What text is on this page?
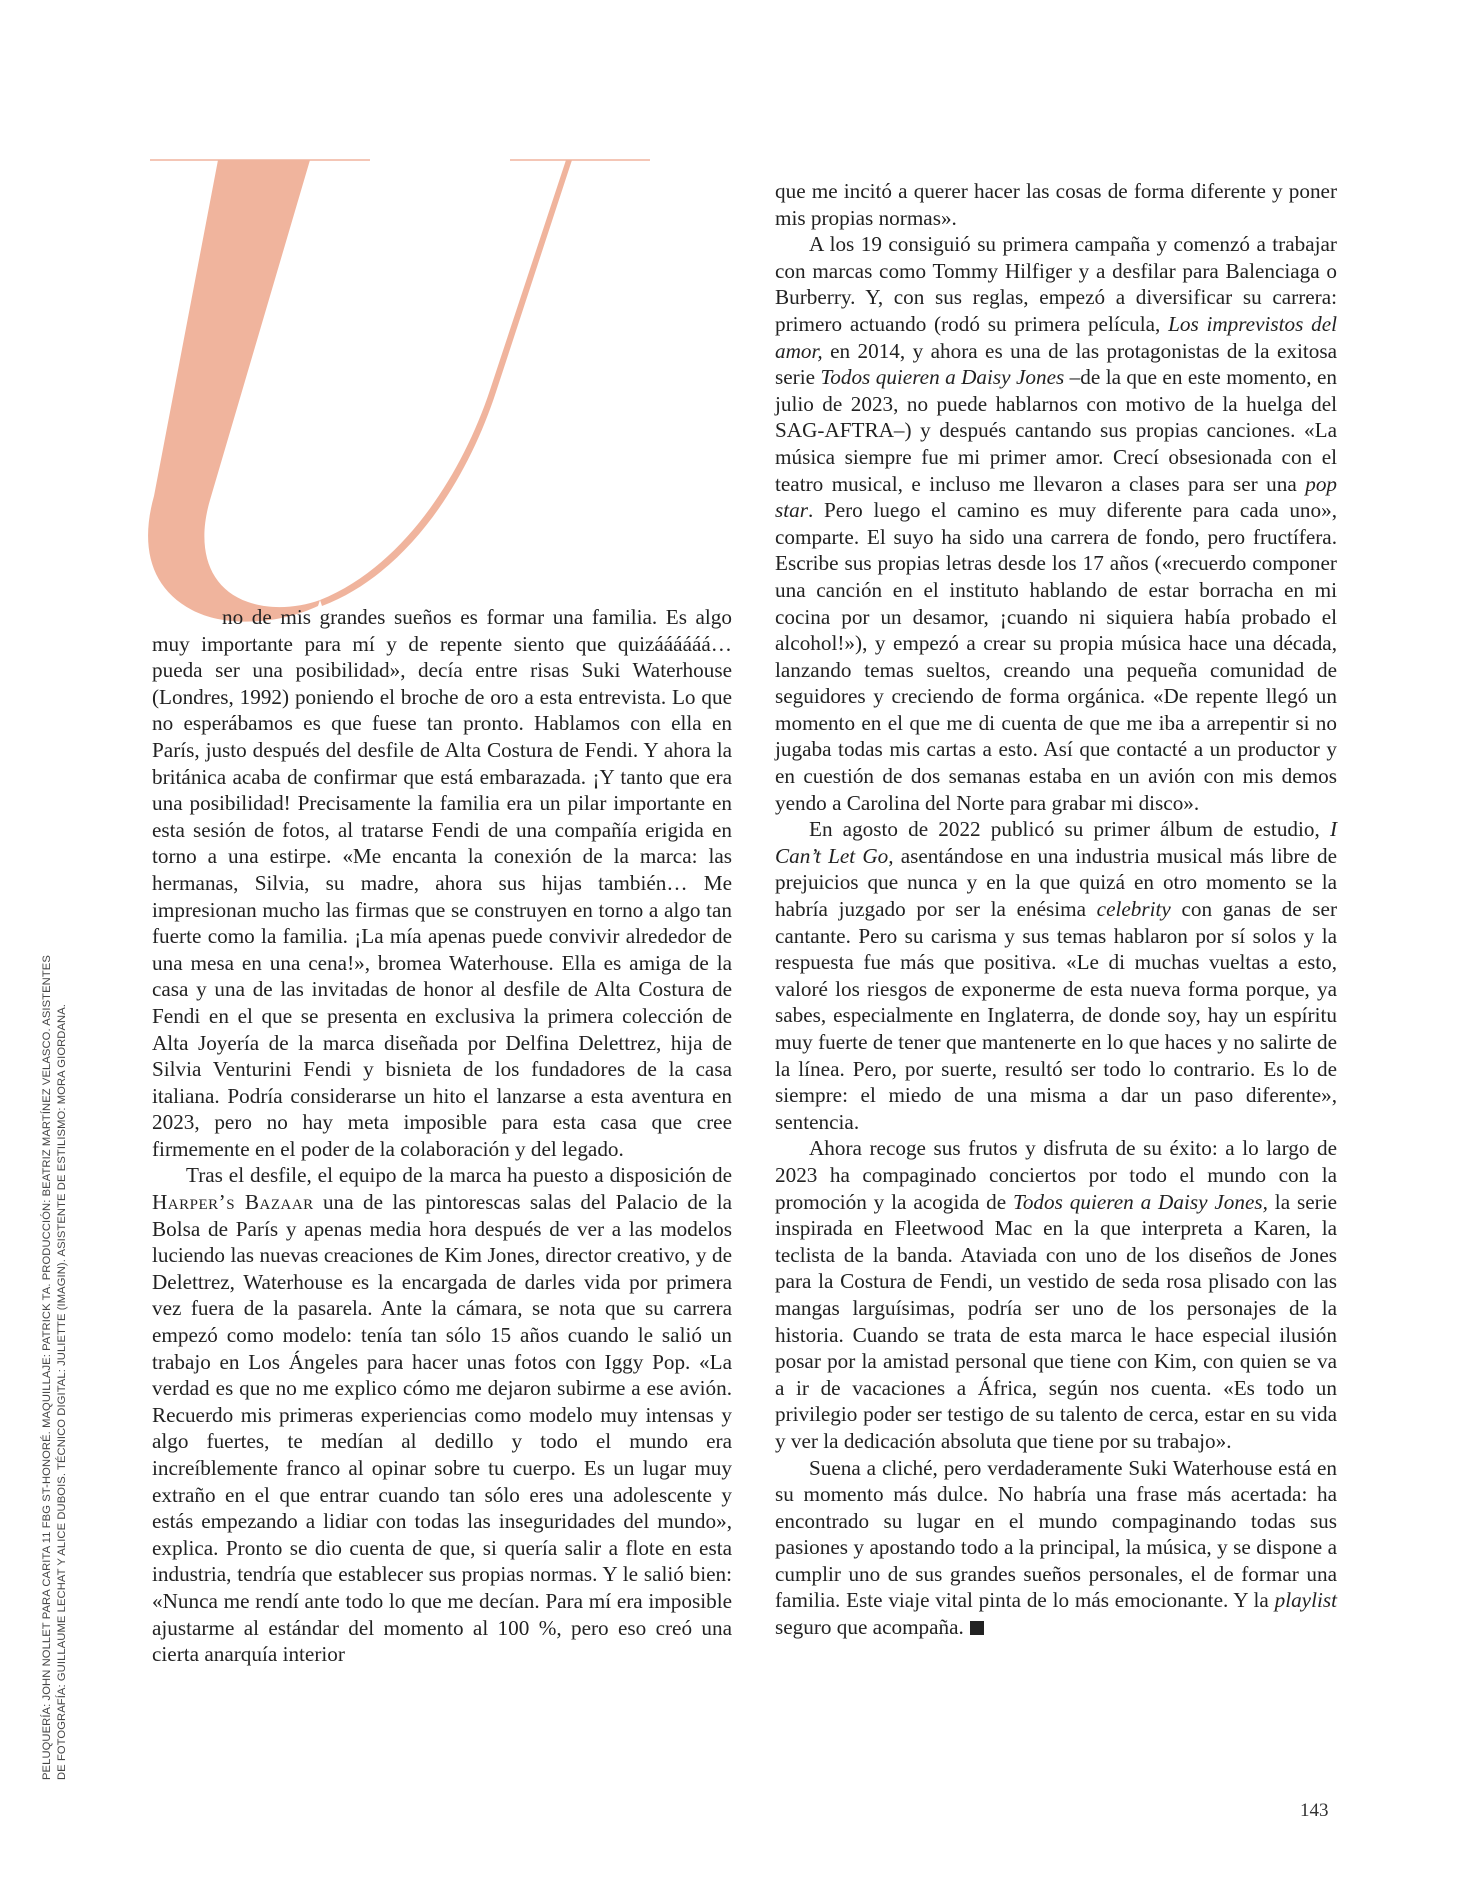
no de mis grandes sueños es formar una familia. Es algo muy importante para mí y de repente siento que quizáááááá… pueda ser una posibilidad», decía entre risas Suki Waterhouse (Londres, 1992) poniendo el broche de oro a esta entrevista. Lo que no esperábamos es que fuese tan pronto. Hablamos con ella en París, justo después del desfile de Alta Costura de Fendi. Y ahora la británica acaba de confirmar que está embarazada. ¡Y tanto que era una posibilidad! Precisamente la familia era un pilar importante en esta sesión de fotos, al tratarse Fendi de una compañía erigida en torno a una estirpe. «Me encanta la conexión de la marca: las hermanas, Silvia, su madre, ahora sus hijas también… Me impresionan mucho las firmas que se construyen en torno a algo tan fuerte como la familia. ¡La mía apenas puede convivir alrededor de una mesa en una cena!», bromea Waterhouse. Ella es amiga de la casa y una de las invitadas de honor al desfile de Alta Costura de Fendi en el que se presenta en exclusiva la primera colección de Alta Joyería de la marca diseñada por Delfina Delettrez, hija de Silvia Venturini Fendi y bisnieta de los fundadores de la casa italiana. Podría considerarse un hito el lanzarse a esta aventura en 2023, pero no hay meta imposible para esta casa que cree firmemente en el poder de la colaboración y del legado.

Tras el desfile, el equipo de la marca ha puesto a disposición de Harper’s Bazaar una de las pintorescas salas del Palacio de la Bolsa de París y apenas media hora después de ver a las modelos luciendo las nuevas creaciones de Kim Jones, director creativo, y de Delettrez, Waterhouse es la encargada de darles vida por primera vez fuera de la pasarela. Ante la cámara, se nota que su carrera empezó como modelo: tenía tan sólo 15 años cuando le salió un trabajo en Los Ángeles para hacer unas fotos con Iggy Pop. «La verdad es que no me explico cómo me dejaron subirme a ese avión. Recuerdo mis primeras experiencias como modelo muy intensas y algo fuertes, te medían al dedillo y todo el mundo era increíblemente franco al opinar sobre tu cuerpo. Es un lugar muy extraño en el que entrar cuando tan sólo eres una adolescente y estás empezando a lidiar con todas las inseguridades del mundo», explica. Pronto se dio cuenta de que, si quería salir a flote en esta industria, tendría que establecer sus propias normas. Y le salió bien: «Nunca me rendí ante todo lo que me decían. Para mí era imposible ajustarme al estándar del momento al 100 %, pero eso creó una cierta anarquía interior

que me incitó a querer hacer las cosas de forma diferente y poner mis propias normas».

A los 19 consiguió su primera campaña y comenzó a trabajar con marcas como Tommy Hilfiger y a desfilar para Balenciaga o Burberry. Y, con sus reglas, empezó a diversificar su carrera: primero actuando (rodó su primera película, Los imprevistos del amor, en 2014, y ahora es una de las protagonistas de la exitosa serie Todos quieren a Daisy Jones –de la que en este momento, en julio de 2023, no puede hablarnos con motivo de la huelga del SAG-AFTRA–) y después cantando sus propias canciones. «La música siempre fue mi primer amor. Crecí obsesionada con el teatro musical, e incluso me llevaron a clases para ser una pop star. Pero luego el camino es muy diferente para cada uno», comparte. El suyo ha sido una carrera de fondo, pero fructífera. Escribe sus propias letras desde los 17 años («recuerdo componer una canción en el instituto hablando de estar borracha en mi cocina por un desamor, ¡cuando ni siquiera había probado el alcohol!»), y empezó a crear su propia música hace una década, lanzando temas sueltos, creando una pequeña comunidad de seguidores y creciendo de forma orgánica. «De repente llegó un momento en el que me di cuenta de que me iba a arrepentir si no jugaba todas mis cartas a esto. Así que contacté a un productor y en cuestión de dos semanas estaba en un avión con mis demos yendo a Carolina del Norte para grabar mi disco».

En agosto de 2022 publicó su primer álbum de estudio, I Can’t Let Go, asentándose en una industria musical más libre de prejuicios que nunca y en la que quizá en otro momento se la habría juzgado por ser la enésima celebrity con ganas de ser cantante. Pero su carisma y sus temas hablaron por sí solos y la respuesta fue más que positiva. «Le di muchas vueltas a esto, valoré los riesgos de exponerme de esta nueva forma porque, ya sabes, especialmente en Inglaterra, de donde soy, hay un espíritu muy fuerte de tener que mantenerte en lo que haces y no salirte de la línea. Pero, por suerte, resultó ser todo lo contrario. Es lo de siempre: el miedo de una misma a dar un paso diferente», sentencia.

Ahora recoge sus frutos y disfruta de su éxito: a lo largo de 2023 ha compaginado conciertos por todo el mundo con la promoción y la acogida de Todos quieren a Daisy Jones, la serie inspirada en Fleetwood Mac en la que interpreta a Karen, la teclista de la banda. Ataviada con uno de los diseños de Jones para la Costura de Fendi, un vestido de seda rosa plisado con las mangas larguísimas, podría ser uno de los personajes de la historia. Cuando se trata de esta marca le hace especial ilusión posar por la amistad personal que tiene con Kim, con quien se va a ir de vacaciones a África, según nos cuenta. «Es todo un privilegio poder ser testigo de su talento de cerca, estar en su vida y ver la dedicación absoluta que tiene por su trabajo».

Suena a cliché, pero verdaderamente Suki Waterhouse está en su momento más dulce. No habría una frase más acertada: ha encontrado su lugar en el mundo compaginando todas sus pasiones y apostando todo a la principal, la música, y se dispone a cumplir uno de sus grandes sueños personales, el de formar una familia. Este viaje vital pinta de lo más emocionante. Y la playlist seguro que acompaña.

PELUQUERÍA: JOHN NOLLET PARA CARITA 11 FBG ST-HONORÉ. MAQUILLAJE: PATRICK TA. PRODUCCIÓN: BEATRIZ MARTÍNEZ VELASCO. ASISTENTES DE FOTOGRAFÍA: GUILLAUME LECHAT Y ALICE DUBOIS. TÉCNICO DIGITAL: JULIETTE (IMAGIN). ASISTENTE DE ESTILISMO: MORA GIORDANA.
143
